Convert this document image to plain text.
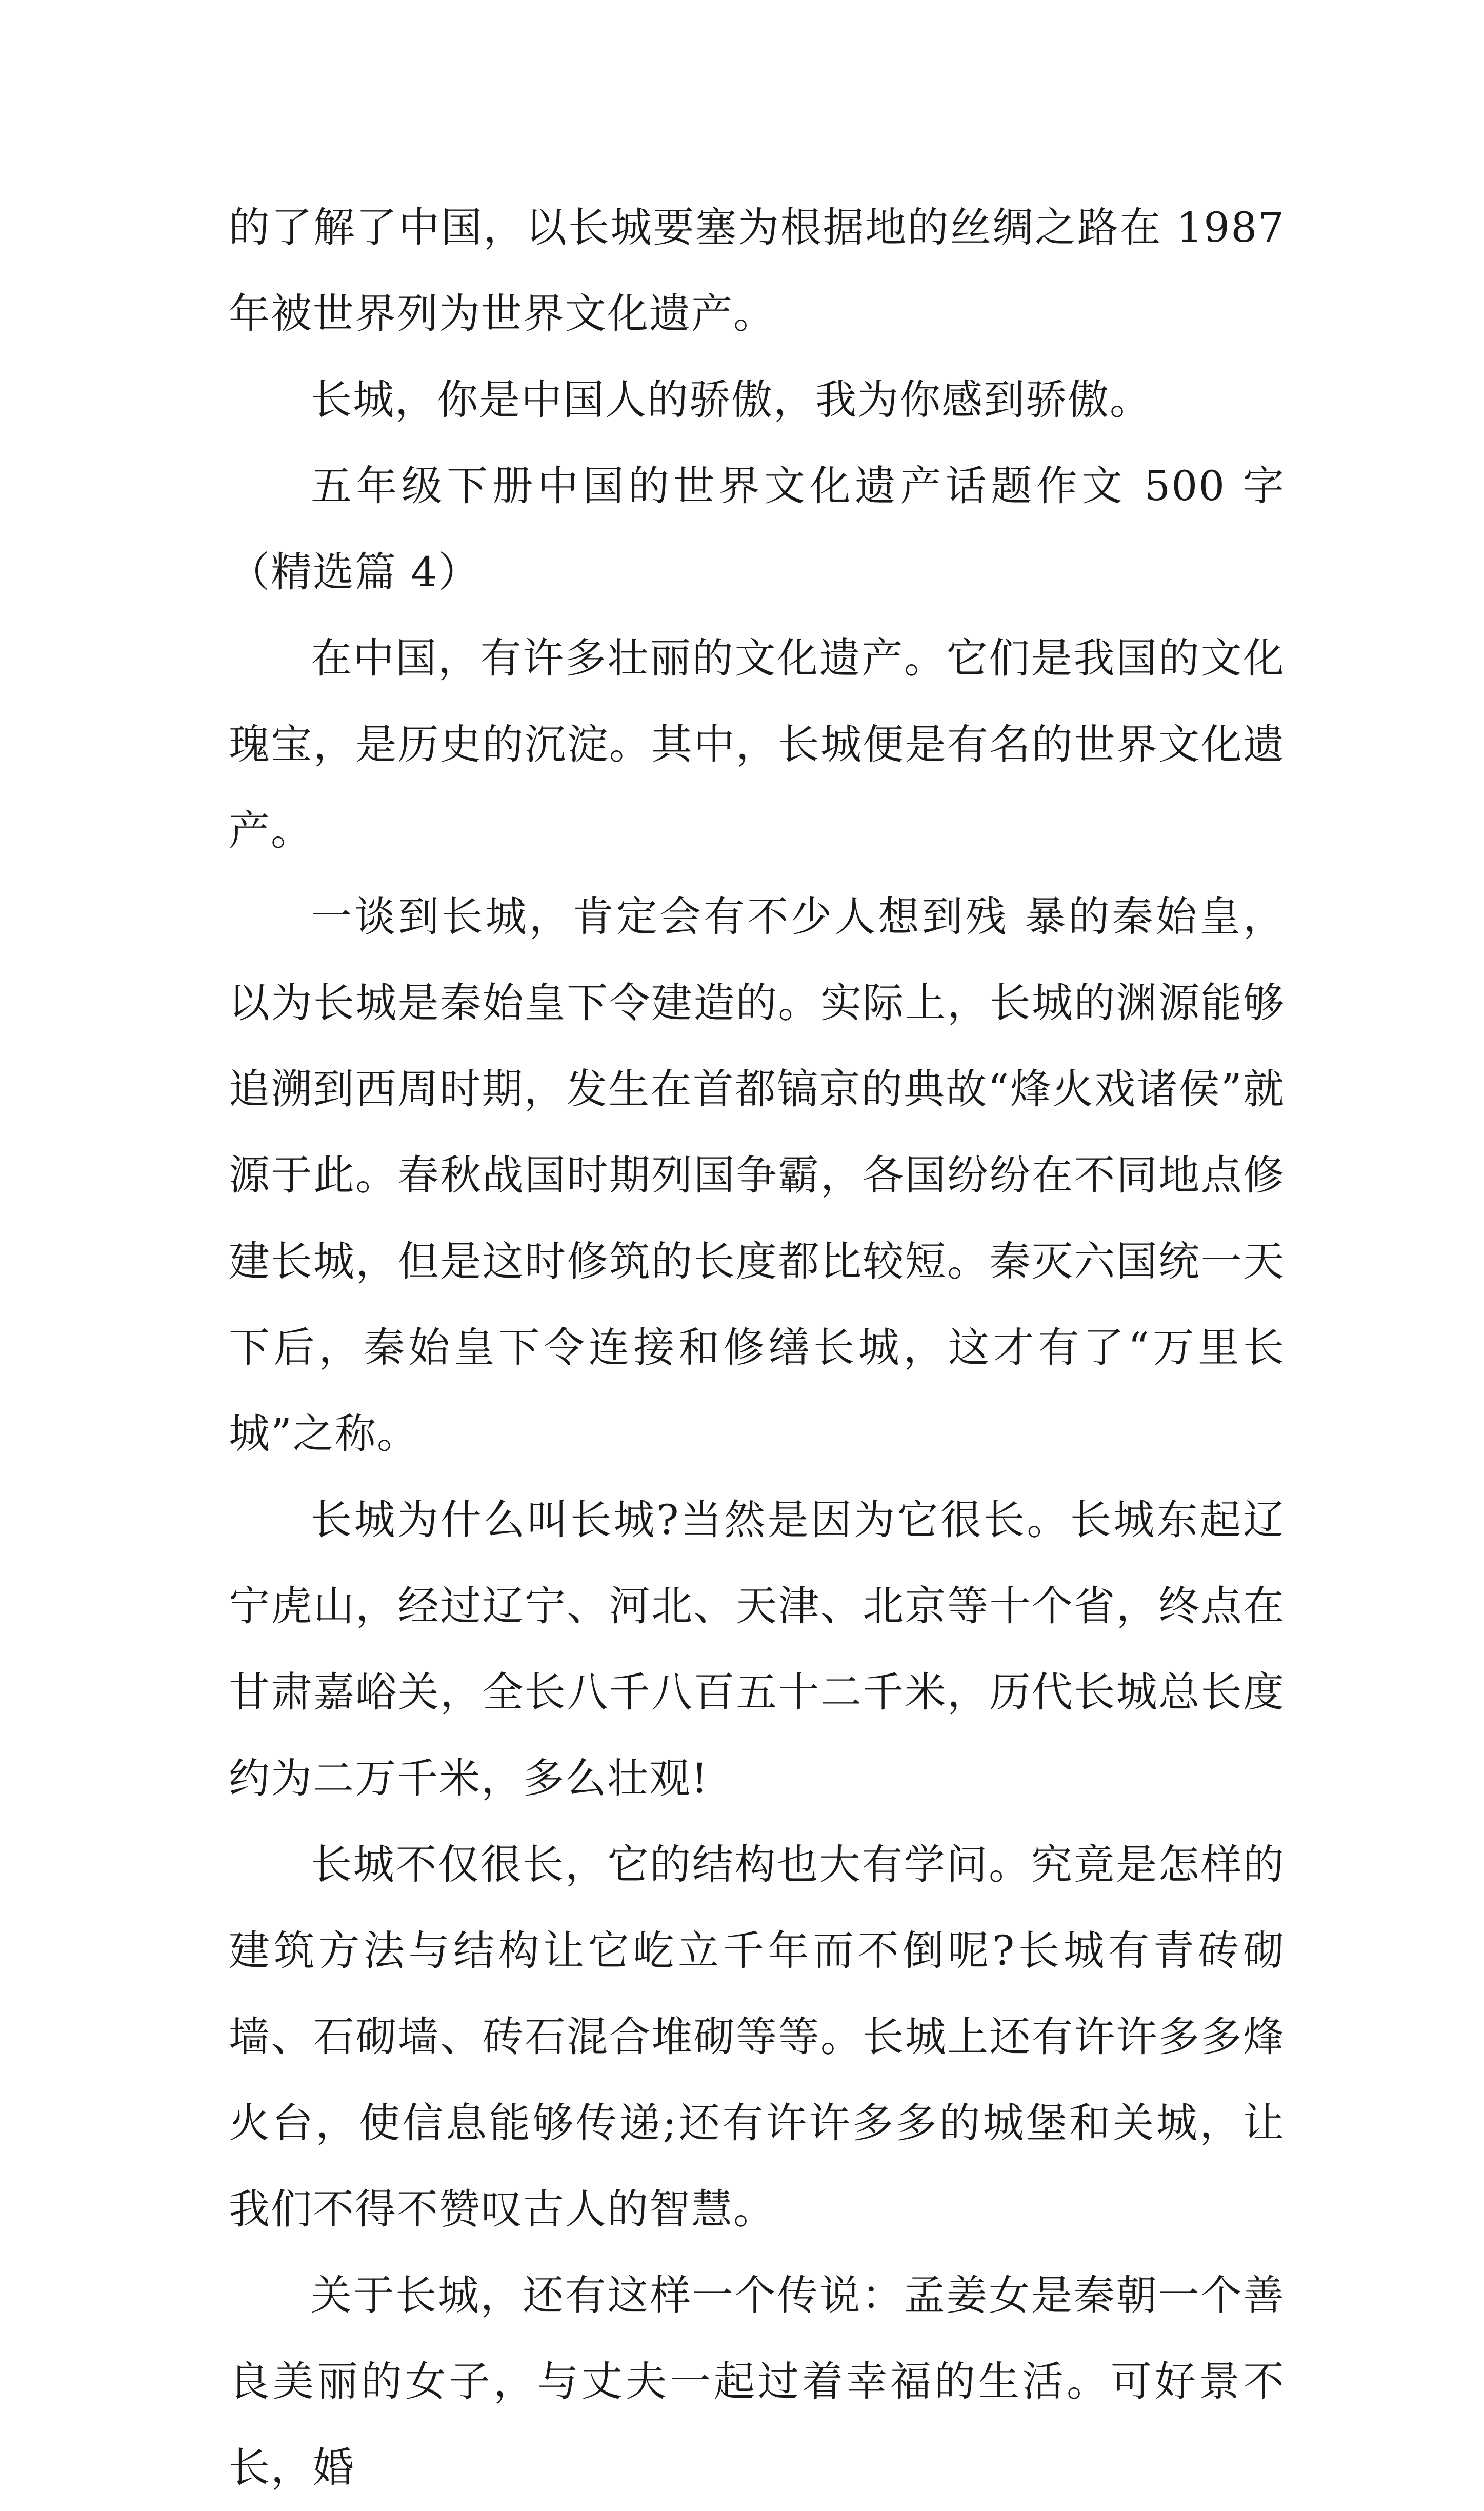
的了解了中国，以长城要塞为根据地的丝绸之路在 1987 年被世界列为世界文化遗产。

长城，你是中国人的骄傲，我为你感到骄傲。

五年级下册中国的世界文化遗产话题作文 500 字（精选篇 4）

在中国，有许多壮丽的文化遗产。它们是我国的文化瑰宝，是历史的沉淀。其中，长城便是有名的世界文化遗产。

一谈到长城，肯定会有不少人想到残 暴的秦始皇，以为长城是秦始皇下令建造的。实际上，长城的渊源能够追溯到西周时期，发生在首都镐京的典故“烽火戏诸侯”就源于此。春秋战国时期列国争霸，各国纷纷在不同地点修建长城，但是这时修筑的长度都比较短。秦灭六国统一天下后，秦始皇下令连接和修缮长城，这才有了“万里长城”之称。

长城为什么叫长城?当然是因为它很长。长城东起辽宁虎山，经过辽宁、河北、天津、北京等十个省，终点在甘肃嘉峪关，全长八千八百五十二千米，历代长城总长度约为二万千米，多么壮观!

长城不仅很长，它的结构也大有学问。究竟是怎样的建筑方法与结构让它屹立千年而不倒呢?长城有青砖砌墙、石砌墙、砖石混合堆砌等等。长城上还有许许多多烽火台，使信息能够传递;还有许许多多的城堡和关城，让我们不得不赞叹古人的智慧。

关于长城，还有这样一个传说：孟姜女是秦朝一个善良美丽的女子，与丈夫一起过着幸福的生活。可好景不长，婚
